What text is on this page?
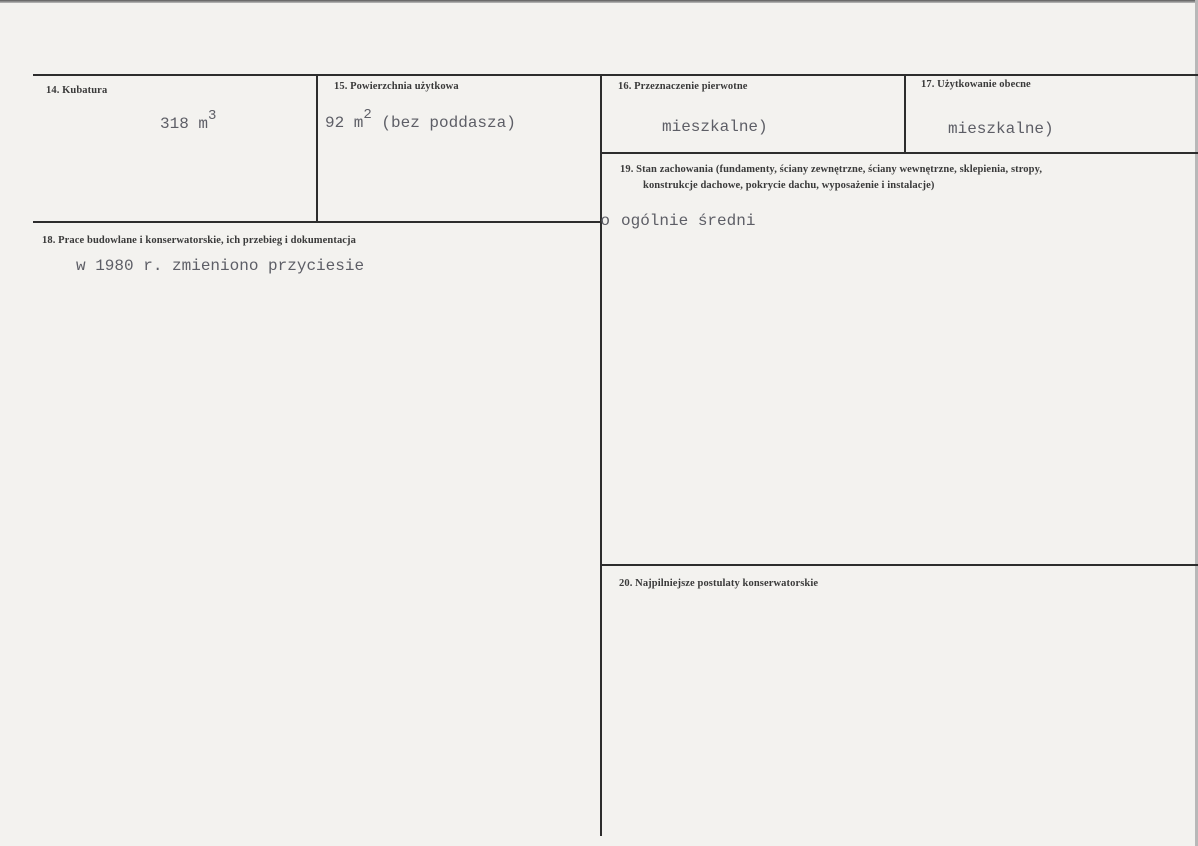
14. Kubatura
318 m3
15. Powierzchnia użytkowa
92 m2 (bez poddasza)
16. Przeznaczenie pierwotne
mieszkalne)
17. Użytkowanie obecne
mieszkalne)
18. Prace budowlane i konserwatorskie, ich przebieg i dokumentacja
w 1980 r. zmieniono przyciesie
19. Stan zachowania (fundamenty, ściany zewnętrzne, ściany wewnętrzne, sklepienia, stropy,
konstrukcje dachowe, pokrycie dachu, wyposażenie i instalacje)
o ogólnie średni
20. Najpilniejsze postulaty konserwatorskie
